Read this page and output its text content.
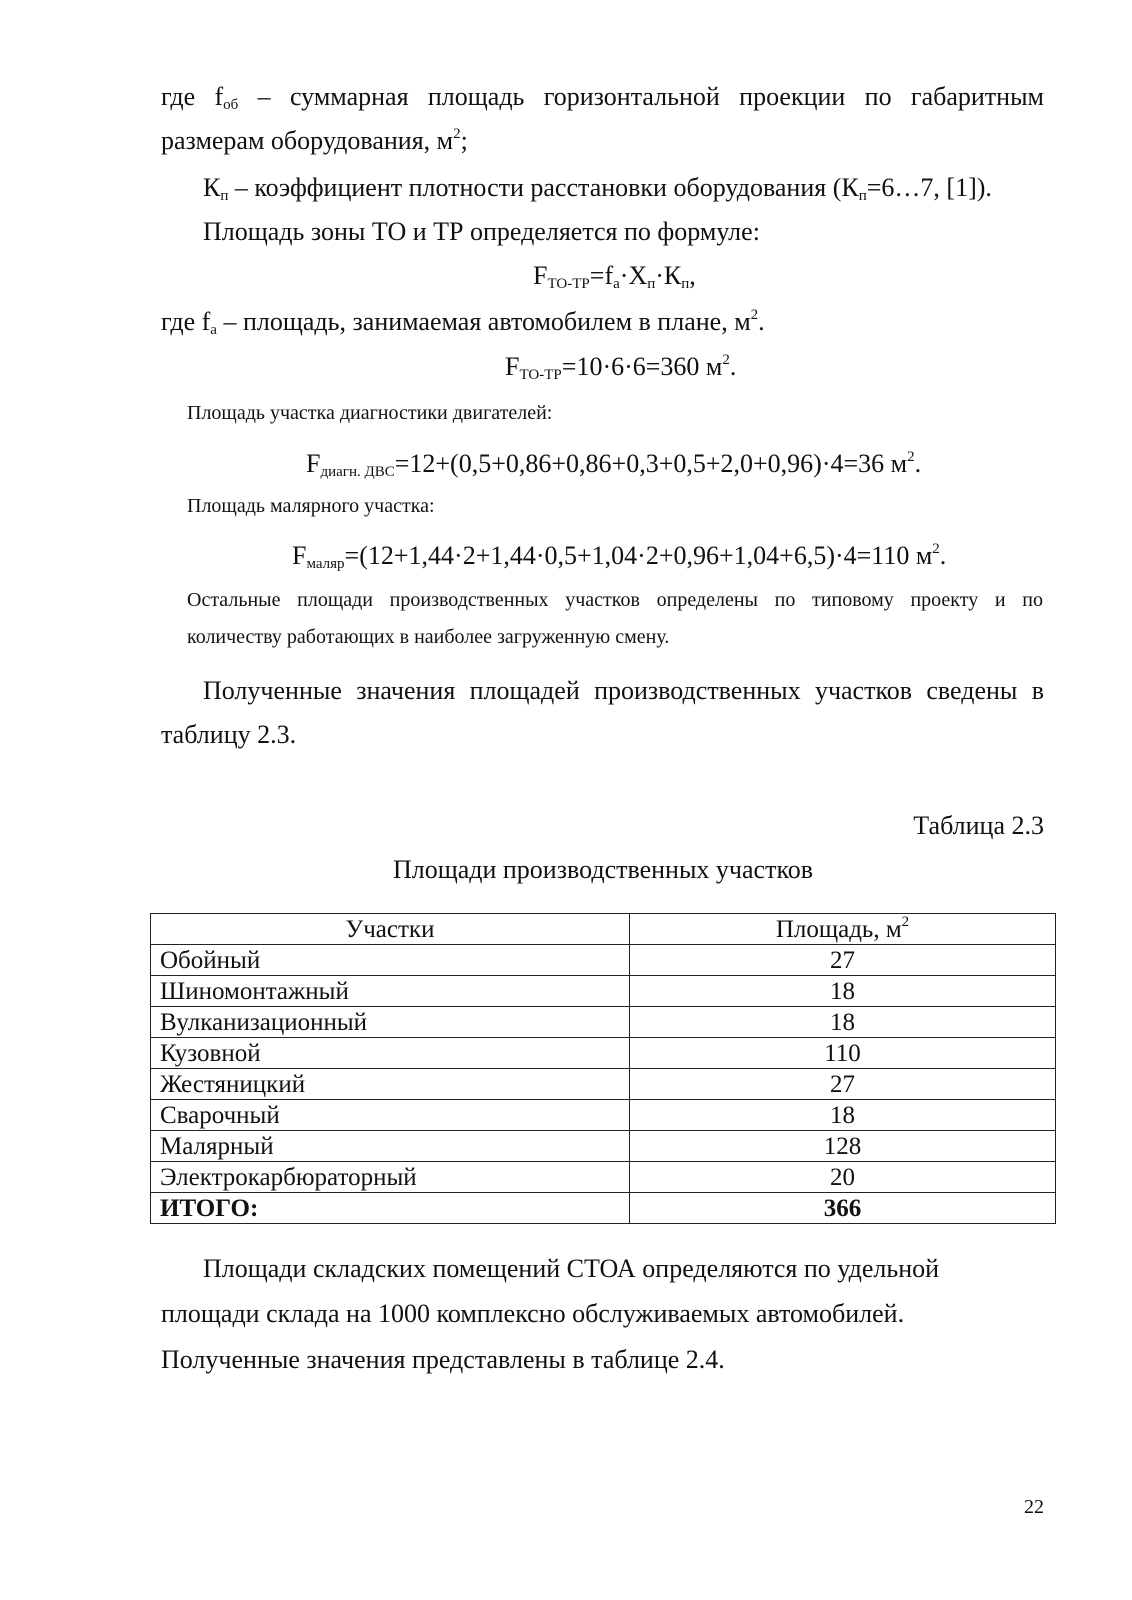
где $f_{об}$ – суммарная площадь горизонтальной проекции по габаритным
размерам оборудования, $м^2$;
$К_п$ – коэффициент плотности расстановки оборудования ($К_п=6\dots 7$, [1]).
Площадь зоны ТО и ТР определяется по формуле:
$F_{ТО-ТР}=f_а\cdot Х_п\cdot К_п$,
где $f_а$ – площадь, занимаемая автомобилем в плане, $м^2$.
$F_{ТО-ТР}=10\cdot 6\cdot 6=360$ $м^2$.
Площадь участка диагностики двигателей:
$F_{диагн. ДВС}=12+(0,5+0,86+0,86+0,3+0,5+2,0+0,96)\cdot 4=36$ $м^2$.
Площадь малярного участка:
$F_{маляр}=(12+1,44\cdot 2+1,44\cdot 0,5+1,04\cdot 2+0,96+1,04+6,5)\cdot 4=110$ $м^2$.
Остальные площади производственных участков определены по типовому проекту и по
количеству работающих в наиболее загруженную смену.
Полученные значения площадей производственных участков сведены в
таблицу 2.3.
Таблица 2.3
Площади производственных участков
Участки	Площадь, $м^2$
Обойный	27
Шиномонтажный	18
Вулканизационный	18
Кузовной	110
Жестяницкий	27
Сварочный	18
Малярный	128
Электрокарбюраторный	20
ИТОГО:	366
Площади складских помещений СТОА определяются по удельной
площади склада на 1000 комплексно обслуживаемых автомобилей.
Полученные значения представлены в таблице 2.4.
22
